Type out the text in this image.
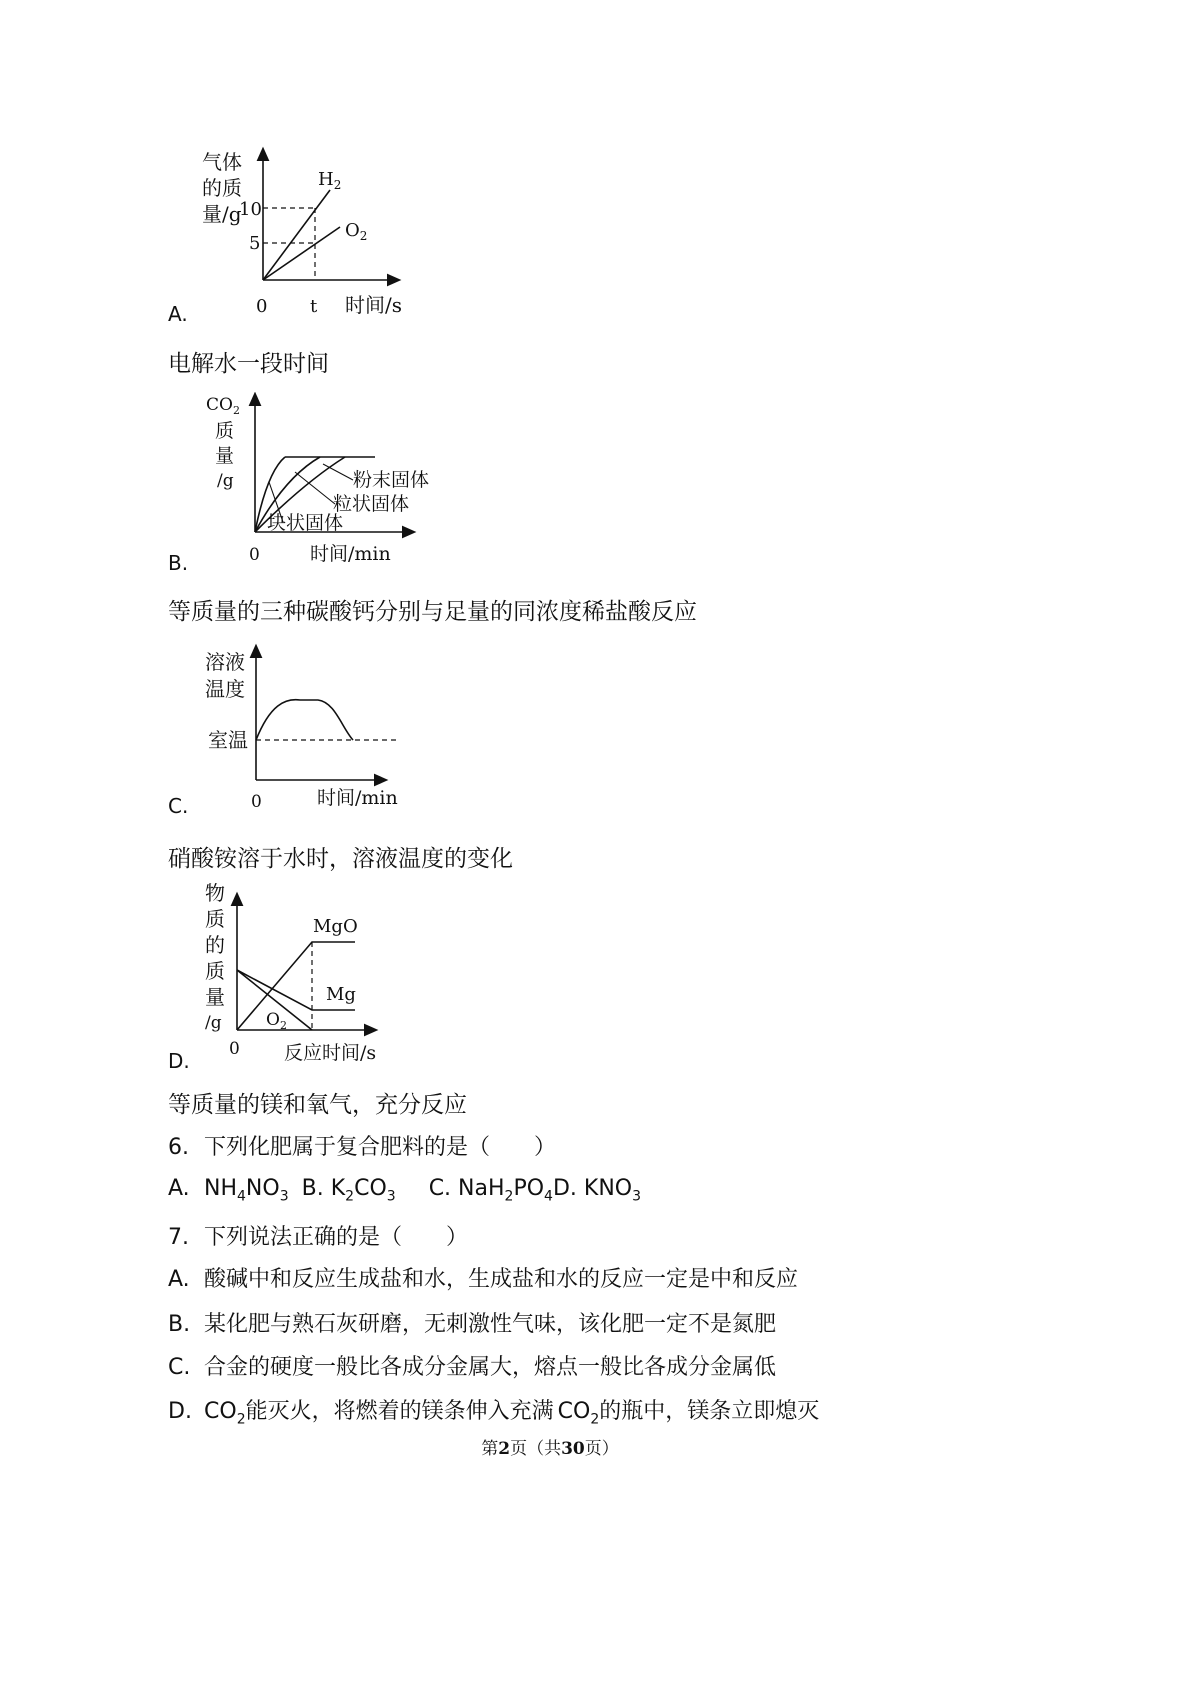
气体
的质
量/g
10
5
0 t 时间/s
$H_2$
$O_2$
A.
电解水一段时间
$CO_2$
质
量
/g
0	时间/min
块状固体
粒状固体
粉末固体
B.
等质量的三种碳酸钙分别与足量的同浓度稀盐酸反应
溶液
温度
室温
0	时间/min
C.
硝酸铵溶于水时，溶液温度的变化
物
质
的
质
量
/g
MgO
Mg
$O_2$
0 反应时间/s
D.
等质量的镁和氧气，充分反应
6. 下列化肥属于复合肥料的是（　　）
A. $NH_4NO_3$ B. $K_2CO_3$ C. $NaH_2PO_4D$. $KNO_3$
7. 下列说法正确的是（　　）
A. 酸碱中和反应生成盐和水，生成盐和水的反应一定是中和反应
B. 某化肥与熟石灰研磨，无刺激性气味，该化肥一定不是氮肥
C. 合金的硬度一般比各成分金属大，熔点一般比各成分金属低
D. $CO_2$能灭火，将燃着的镁条伸入充满 $CO_2$的瓶中，镁条立即熄灭
第2页（共30页）
